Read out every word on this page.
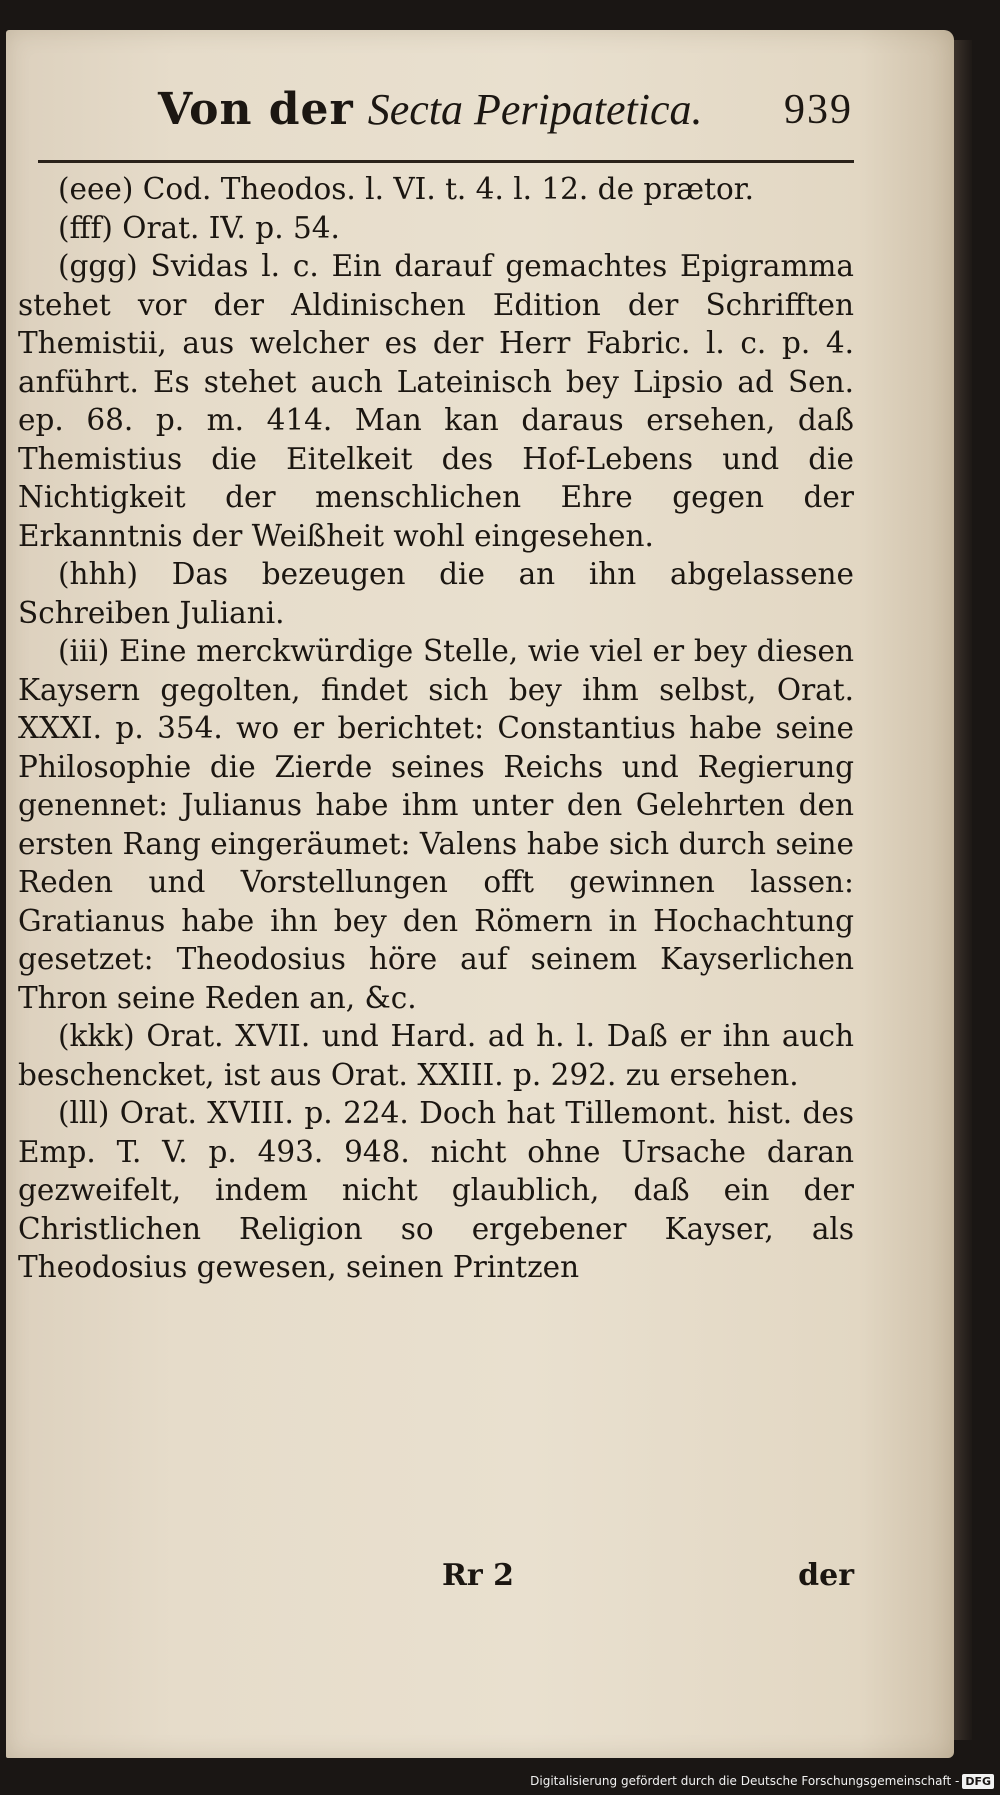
Von der Secta Peripatetica. 939

(eee) Cod. Theodos. l. VI. t. 4. l. 12. de prætor.

(fff) Orat. IV. p. 54.

(ggg) Svidas l. c. Ein darauf gemachtes Epigramma stehet vor der Aldinischen Edition der Schrifften Themistii, aus welcher es der Herr Fabric. l. c. p. 4. anführt. Es stehet auch Lateinisch bey Lipsio ad Sen. ep. 68. p. m. 414. Man kan daraus ersehen, daß Themistius die Eitelkeit des Hof-Lebens und die Nichtigkeit der menschlichen Ehre gegen der Erkanntnis der Weißheit wohl eingesehen.

(hhh) Das bezeugen die an ihn abgelassene Schreiben Juliani.

(iii) Eine merckwürdige Stelle, wie viel er bey diesen Kaysern gegolten, findet sich bey ihm selbst, Orat. XXXI. p. 354. wo er berichtet: Constantius habe seine Philosophie die Zierde seines Reichs und Regierung genennet: Julianus habe ihm unter den Gelehrten den ersten Rang eingeräumet: Valens habe sich durch seine Reden und Vorstellungen offt gewinnen lassen: Gratianus habe ihn bey den Römern in Hochachtung gesetzet: Theodosius höre auf seinem Kayserlichen Thron seine Reden an, &c.

(kkk) Orat. XVII. und Hard. ad h. l. Daß er ihn auch beschencket, ist aus Orat. XXIII. p. 292. zu ersehen.

(lll) Orat. XVIII. p. 224. Doch hat Tillemont. hist. des Emp. T. V. p. 493. 948. nicht ohne Ursache daran gezweifelt, indem nicht glaublich, daß ein der Christlichen Religion so ergebener Kayser, als Theodosius gewesen, seinen Printzen

Rr 2	der
Digitalisierung gefördert durch die Deutsche Forschungsgemeinschaft - DFG
